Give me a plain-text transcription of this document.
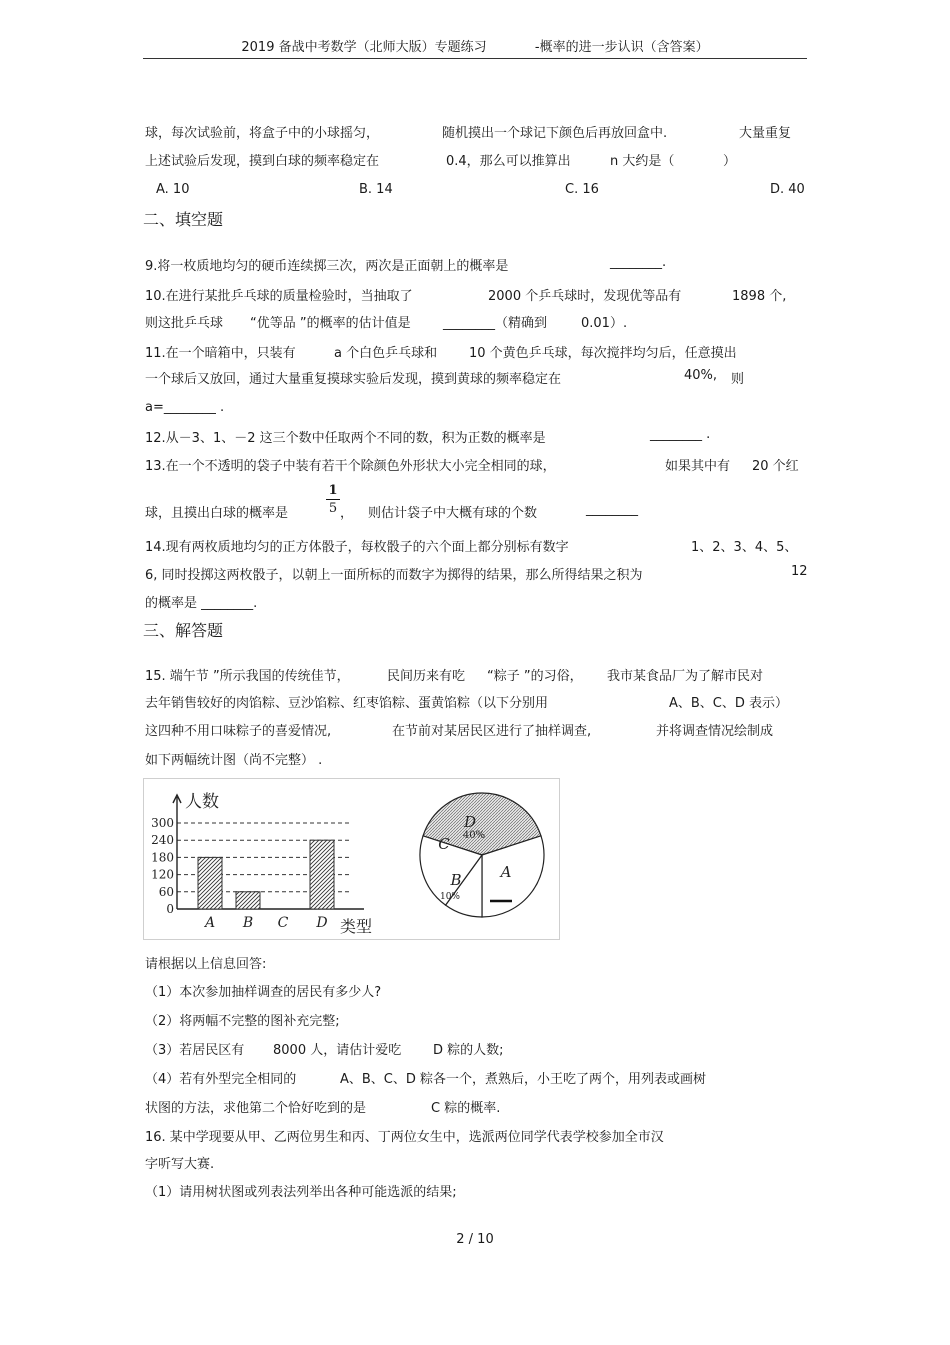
2019 备战中考数学（北师大版）专题练习	-概率的进一步认识（含答案）
球，每次试验前，将盒子中的小球摇匀，	随机摸出一个球记下颜色后再放回盒中.	大量重复
上述试验后发现，摸到白球的频率稳定在	0.4，那么可以推算出	n 大约是（	）
A. 10	B. 14	C. 16	D. 40
二、填空题
9.将一枚质地均匀的硬币连续掷三次，两次是正面朝上的概率是	________.
10.在进行某批乒乓球的质量检验时，当抽取了	2000 个乒乓球时，发现优等品有	1898 个,
则这批乒乓球 “优等品 ”的概率的估计值是 ________（精确到	0.01）.
11.在一个暗箱中，只装有	a 个白色乒乓球和 10 个黄色乒乓球，每次搅拌均匀后，任意摸出
一个球后又放回，通过大量重复摸球实验后发现，摸到黄球的频率稳定在	40%, 则
a=________ .
12.从－3、1、－2 这三个数中任取两个不同的数，积为正数的概率是	________ .
13.在一个不透明的袋子中装有若干个除颜色外形状大小完全相同的球，	如果其中有 20 个红
球，且摸出白球的概率是
1
5 ， 则估计袋子中大概有球的个数	________
14.现有两枚质地均匀的正方体骰子，每枚骰子的六个面上都分别标有数字	1、2、3、4、5、
6, 同时投掷这两枚骰子，以朝上一面所标的而数字为掷得的结果，那么所得结果之积为	12
的概率是 ________.
三、解答题
15. 端午节 ”所示我国的传统佳节，	民间历来有吃 “粽子 ”的习俗， 我市某食品厂为了解市民对
去年销售较好的肉馅粽、豆沙馅粽、红枣馅粽、蛋黄馅粽（以下分别用	A、B、C、D 表示）
这四种不用口味粽子的喜爱情况,	在节前对某居民区进行了抽样调查,	并将调查情况绘制成
如下两幅统计图（尚不完整） .
0
60
120
180
240
300
人数
类型
A B C D
D
A
B
C 40%
10%
请根据以上信息回答:
（1）本次参加抽样调查的居民有多少人?
（2）将两幅不完整的图补充完整;
（3）若居民区有 8000 人，请估计爱吃 D 粽的人数;
（4）若有外型完全相同的	A、B、C、D 粽各一个，煮熟后，小王吃了两个，用列表或画树
状图的方法，求他第二个恰好吃到的是	C 粽的概率.
16. 某中学现要从甲、乙两位男生和丙、丁两位女生中，选派两位同学代表学校参加全市汉
字听写大赛.
（1）请用树状图或列表法列举出各种可能选派的结果;
2 / 10
